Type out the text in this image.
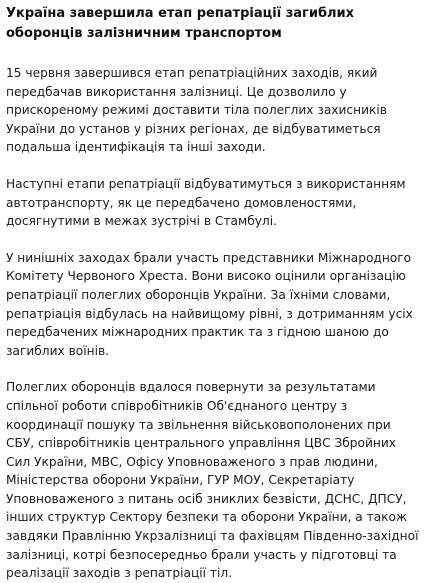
Україна завершила етап репатріації загиблих оборонців залізничним транспортом

15 червня завершився етап репатріаційних заходів, який передбачав використання залізниці. Це дозволило у прискореному режимі доставити тіла полеглих захисників України до установ у різних регіонах, де відбуватиметься подальша ідентифікація та інші заходи.

Наступні етапи репатріації відбуватимуться з використанням автотранспорту, як це передбачено домовленостями, досягнутими в межах зустрічі в Стамбулі.

У нинішніх заходах брали участь представники Міжнародного Комітету Червоного Хреста. Вони високо оцінили організацію репатріації полеглих оборонців України. За їхніми словами, репатріація відбулась на найвищому рівні, з дотриманням усіх передбачених міжнародних практик та з гідною шаною до загиблих воїнів.

Полеглих оборонців вдалося повернути за результатами спільної роботи співробітників Об'єднаного центру з координації пошуку та звільнення військовополонених при СБУ, співробітників центрального управління ЦВС Збройних Сил України, МВС, Офісу Уповноваженого з прав людини, Міністерства оборони України, ГУР МОУ, Секретаріату Уповноваженого з питань осіб зниклих безвісти, ДСНС, ДПСУ, інших структур Сектору безпеки та оборони України, а також завдяки Правлінню Укрзалізниці та фахівцям Південно-західної залізниці, котрі безпосередньо брали участь у підготовці та реалізації заходів з репатріації тіл.
